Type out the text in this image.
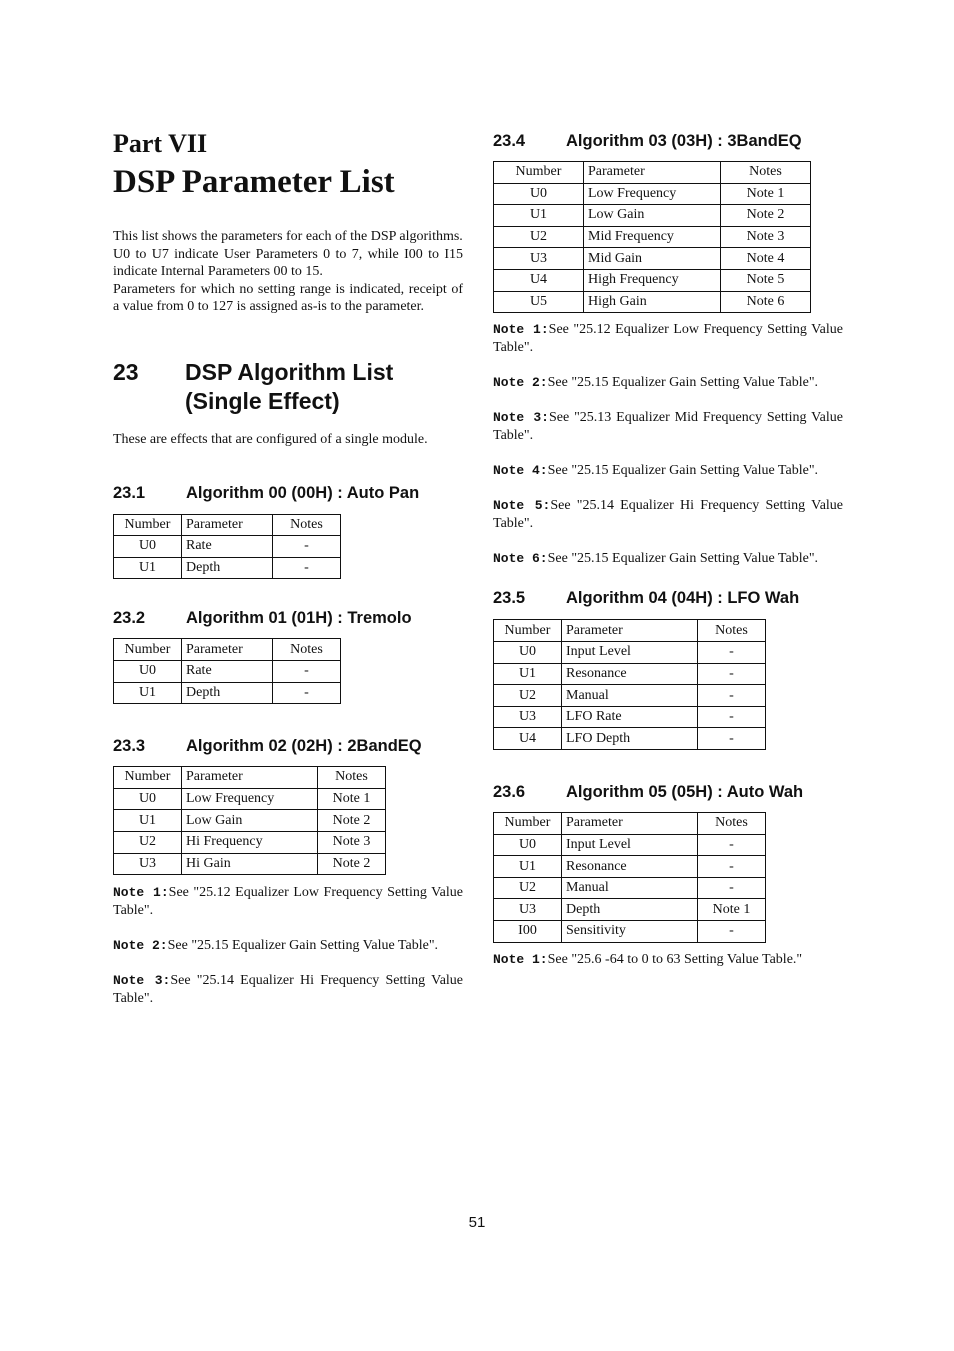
Part VII
DSP Parameter List

This list shows the parameters for each of the DSP algorithms.

U0 to U7 indicate User Parameters 0 to 7, while I00 to I15 indicate Internal Parameters 00 to 15.

Parameters for which no setting range is indicated, receipt of a value from 0 to 127 is assigned as-is to the parameter.

23	DSP Algorithm List
(Single Effect)

These are effects that are configured of a single module.

23.1	Algorithm 00 (00H) : Auto Pan
Number	Parameter	Notes
U0	Rate	-
U1	Depth	-
23.2	Algorithm 01 (01H) : Tremolo
Number	Parameter	Notes
U0	Rate	-
U1	Depth	-
23.3	Algorithm 02 (02H) : 2BandEQ
Number	Parameter	Notes
U0	Low Frequency	Note 1
U1	Low Gain	Note 2
U2	Hi Frequency	Note 3
U3	Hi Gain	Note 2

Note 1:See "25.12 Equalizer Low Frequency Setting Value Table".

Note 2:See "25.15 Equalizer Gain Setting Value Table".

Note 3:See "25.14 Equalizer Hi Frequency Setting Value Table".

23.4	Algorithm 03 (03H) : 3BandEQ
Number	Parameter	Notes
U0	Low Frequency	Note 1
U1	Low Gain	Note 2
U2	Mid Frequency	Note 3
U3	Mid Gain	Note 4
U4	High Frequency	Note 5
U5	High Gain	Note 6

Note 1:See "25.12 Equalizer Low Frequency Setting Value Table".

Note 2:See "25.15 Equalizer Gain Setting Value Table".

Note 3:See "25.13 Equalizer Mid Frequency Setting Value Table".

Note 4:See "25.15 Equalizer Gain Setting Value Table".

Note 5:See "25.14 Equalizer Hi Frequency Setting Value Table".

Note 6:See "25.15 Equalizer Gain Setting Value Table".

23.5	Algorithm 04 (04H) : LFO Wah
Number	Parameter	Notes
U0	Input Level	-
U1	Resonance	-
U2	Manual	-
U3	LFO Rate	-
U4	LFO Depth	-
23.6	Algorithm 05 (05H) : Auto Wah
Number	Parameter	Notes
U0	Input Level	-
U1	Resonance	-
U2	Manual	-
U3	Depth	Note 1
I00	Sensitivity	-

Note 1:See "25.6 -64 to 0 to 63 Setting Value Table."

51
